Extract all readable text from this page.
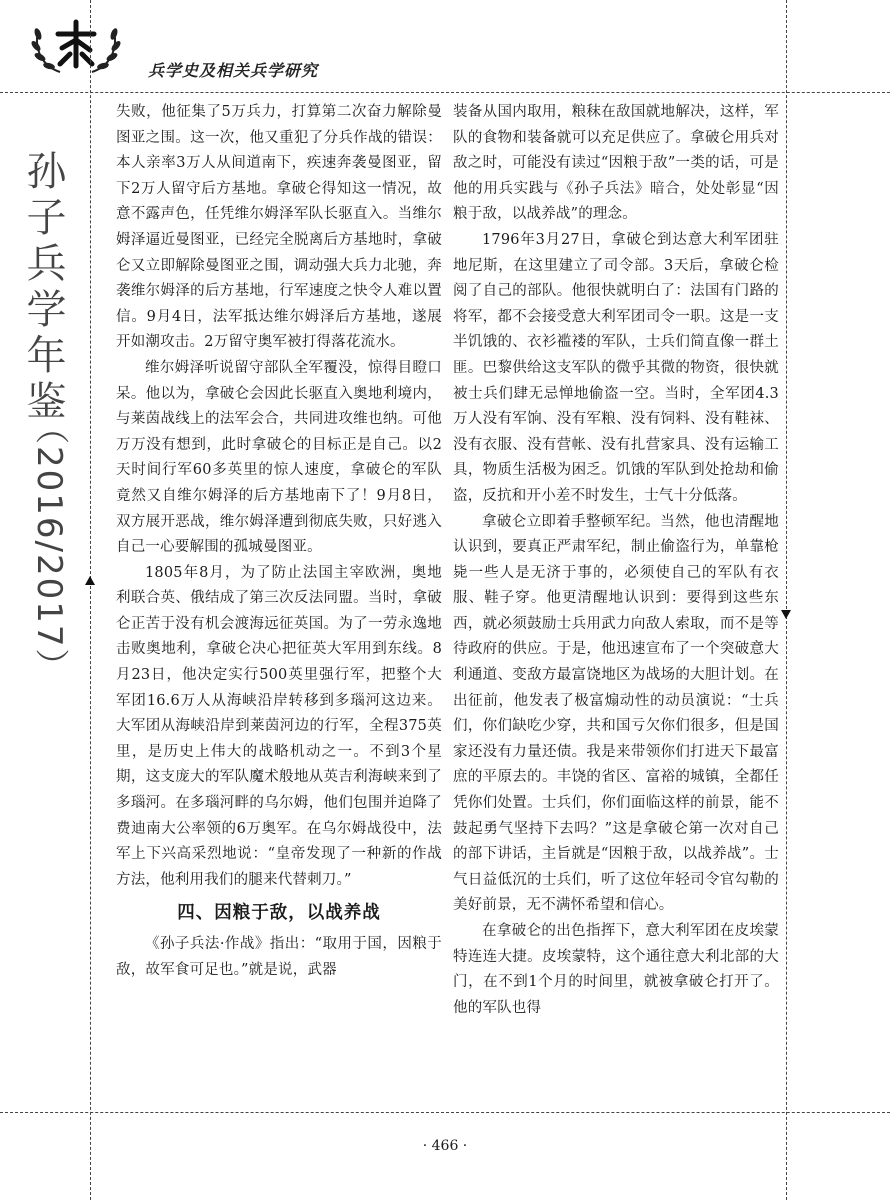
兵学史及相关兵学研究
孙子兵学年鉴
（2016/2017）

失败，他征集了5万兵力，打算第二次奋力解除曼图亚之围。这一次，他又重犯了分兵作战的错误：本人亲率3万人从间道南下，疾速奔袭曼图亚，留下2万人留守后方基地。拿破仑得知这一情况，故意不露声色，任凭维尔姆泽军队长驱直入。当维尔姆泽逼近曼图亚，已经完全脱离后方基地时，拿破仑又立即解除曼图亚之围，调动强大兵力北驰，奔袭维尔姆泽的后方基地，行军速度之快令人难以置信。9月4日，法军抵达维尔姆泽后方基地，遂展开如潮攻击。2万留守奥军被打得落花流水。

维尔姆泽听说留守部队全军覆没，惊得目瞪口呆。他以为，拿破仑会因此长驱直入奥地利境内，与莱茵战线上的法军会合，共同进攻维也纳。可他万万没有想到，此时拿破仑的目标正是自己。以2天时间行军60多英里的惊人速度，拿破仑的军队竟然又自维尔姆泽的后方基地南下了！9月8日，双方展开恶战，维尔姆泽遭到彻底失败，只好逃入自己一心要解围的孤城曼图亚。

1805年8月，为了防止法国主宰欧洲，奥地利联合英、俄结成了第三次反法同盟。当时，拿破仑正苦于没有机会渡海远征英国。为了一劳永逸地击败奥地利，拿破仑决心把征英大军用到东线。8月23日，他决定实行500英里强行军，把整个大军团16.6万人从海峡沿岸转移到多瑙河这边来。大军团从海峡沿岸到莱茵河边的行军，全程375英里，是历史上伟大的战略机动之一。不到3个星期，这支庞大的军队魔术般地从英吉利海峡来到了多瑙河。在多瑙河畔的乌尔姆，他们包围并迫降了费迪南大公率领的6万奥军。在乌尔姆战役中，法军上下兴高采烈地说：“皇帝发现了一种新的作战方法，他利用我们的腿来代替刺刀。”

四、因粮于敌，以战养战

《孙子兵法·作战》指出：“取用于国，因粮于敌，故军食可足也。”就是说，武器

装备从国内取用，粮秣在敌国就地解决，这样，军队的食物和装备就可以充足供应了。拿破仑用兵对敌之时，可能没有读过“因粮于敌”一类的话，可是他的用兵实践与《孙子兵法》暗合，处处彰显“因粮于敌，以战养战”的理念。

1796年3月27日，拿破仑到达意大利军团驻地尼斯，在这里建立了司令部。3天后，拿破仑检阅了自己的部队。他很快就明白了：法国有门路的将军，都不会接受意大利军团司令一职。这是一支半饥饿的、衣衫褴褛的军队，士兵们简直像一群土匪。巴黎供给这支军队的微乎其微的物资，很快就被士兵们肆无忌惮地偷盗一空。当时，全军团4.3万人没有军饷、没有军粮、没有饲料、没有鞋袜、没有衣服、没有营帐、没有扎营家具、没有运输工具，物质生活极为困乏。饥饿的军队到处抢劫和偷盗，反抗和开小差不时发生，士气十分低落。

拿破仑立即着手整顿军纪。当然，他也清醒地认识到，要真正严肃军纪，制止偷盗行为，单靠枪毙一些人是无济于事的，必须使自己的军队有衣服、鞋子穿。他更清醒地认识到：要得到这些东西，就必须鼓励士兵用武力向敌人索取，而不是等待政府的供应。于是，他迅速宣布了一个突破意大利通道、变敌方最富饶地区为战场的大胆计划。在出征前，他发表了极富煽动性的动员演说：“士兵们，你们缺吃少穿，共和国亏欠你们很多，但是国家还没有力量还债。我是来带领你们打进天下最富庶的平原去的。丰饶的省区、富裕的城镇，全都任凭你们处置。士兵们，你们面临这样的前景，能不鼓起勇气坚持下去吗？”这是拿破仑第一次对自己的部下讲话，主旨就是“因粮于敌，以战养战”。士气日益低沉的士兵们，听了这位年轻司令官勾勒的美好前景，无不满怀希望和信心。

在拿破仑的出色指挥下，意大利军团在皮埃蒙特连连大捷。皮埃蒙特，这个通往意大利北部的大门，在不到1个月的时间里，就被拿破仑打开了。他的军队也得

· 466 ·
